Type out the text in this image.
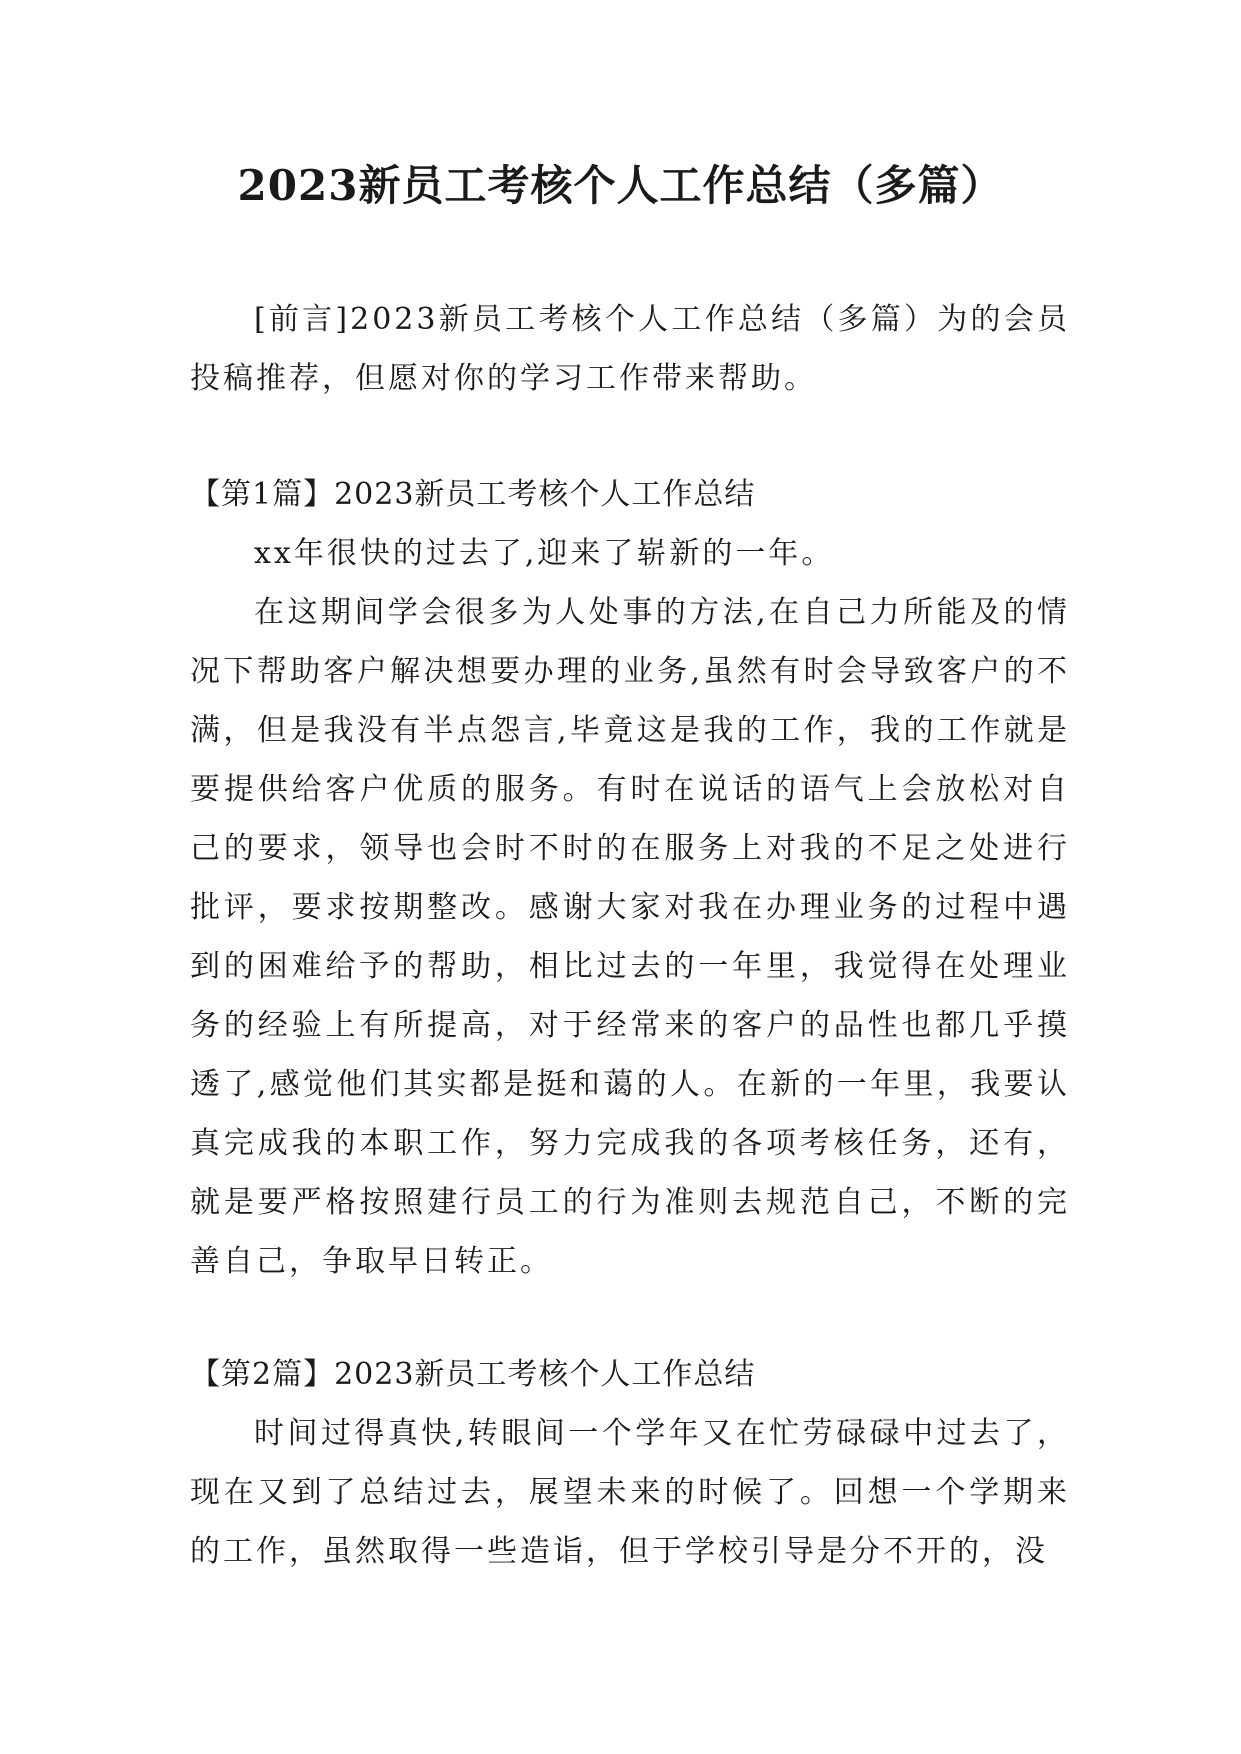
2023新员工考核个人工作总结（多篇）

[前言]2023新员工考核个人工作总结（多篇）为的会员投稿推荐，但愿对你的学习工作带来帮助。

【第1篇】2023新员工考核个人工作总结

xx年很快的过去了,迎来了崭新的一年。

在这期间学会很多为人处事的方法,在自己力所能及的情况下帮助客户解决想要办理的业务,虽然有时会导致客户的不满，但是我没有半点怨言,毕竟这是我的工作，我的工作就是要提供给客户优质的服务。有时在说话的语气上会放松对自己的要求，领导也会时不时的在服务上对我的不足之处进行批评，要求按期整改。感谢大家对我在办理业务的过程中遇到的困难给予的帮助，相比过去的一年里，我觉得在处理业务的经验上有所提高，对于经常来的客户的品性也都几乎摸透了,感觉他们其实都是挺和蔼的人。在新的一年里，我要认真完成我的本职工作，努力完成我的各项考核任务，还有，就是要严格按照建行员工的行为准则去规范自己，不断的完善自己，争取早日转正。

【第2篇】2023新员工考核个人工作总结

时间过得真快,转眼间一个学年又在忙劳碌碌中过去了，现在又到了总结过去，展望未来的时候了。回想一个学期来的工作，虽然取得一些造诣，但于学校引导是分不开的，没
